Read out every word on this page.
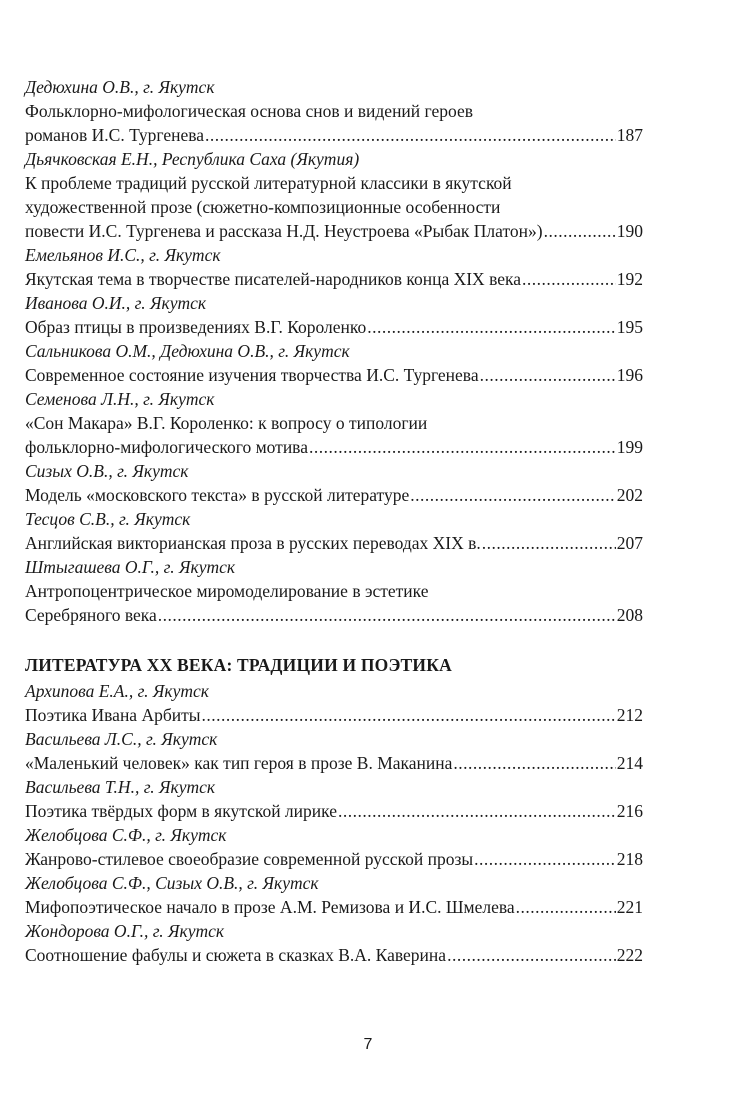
Дедюхина О.В., г. Якутск
Фольклорно-мифологическая основа снов и видений героев
романов И.С. Тургенева .....	187
Дьячковская Е.Н., Республика Саха (Якутия)
К проблеме традиций русской литературной классики в якутской
художественной прозе (сюжетно-композиционные особенности
повести И.С. Тургенева и рассказа Н.Д. Неустроева «Рыбак Платон») .....	190
Емельянов И.С., г. Якутск
Якутская тема в творчестве писателей-народников конца XIX века .....	192
Иванова О.И., г. Якутск
Образ птицы в произведениях В.Г. Короленко .....	195
Сальникова О.М., Дедюхина О.В., г. Якутск
Современное состояние изучения творчества И.С. Тургенева .....	196
Семенова Л.Н., г. Якутск
«Сон Макара» В.Г. Короленко: к вопросу о типологии
фольклорно-мифологического мотива .....	199
Сизых О.В., г. Якутск
Модель «московского текста» в русской литературе .....	202
Тесцов С.В., г. Якутск
Английская викторианская проза в русских переводах XIX в. .....	207
Штыгашева О.Г., г. Якутск
Антропоцентрическое миромоделирование в эстетике
Серебряного века .....	208
ЛИТЕРАТУРА XX ВЕКА: ТРАДИЦИИ И ПОЭТИКА
Архипова Е.А., г. Якутск
Поэтика Ивана Арбиты .....	212
Васильева Л.С., г. Якутск
«Маленький человек» как тип героя в прозе В. Маканина .....	214
Васильева Т.Н., г. Якутск
Поэтика твёрдых форм в якутской лирике .....	216
Желобцова С.Ф., г. Якутск
Жанрово-стилевое своеобразие современной русской прозы .....	218
Желобцова С.Ф., Сизых О.В., г. Якутск
Мифопоэтическое начало в прозе А.М. Ремизова и И.С. Шмелева .....	221
Жондорова О.Г., г. Якутск
Соотношение фабулы и сюжета в сказках В.А. Каверина .....	222
7
